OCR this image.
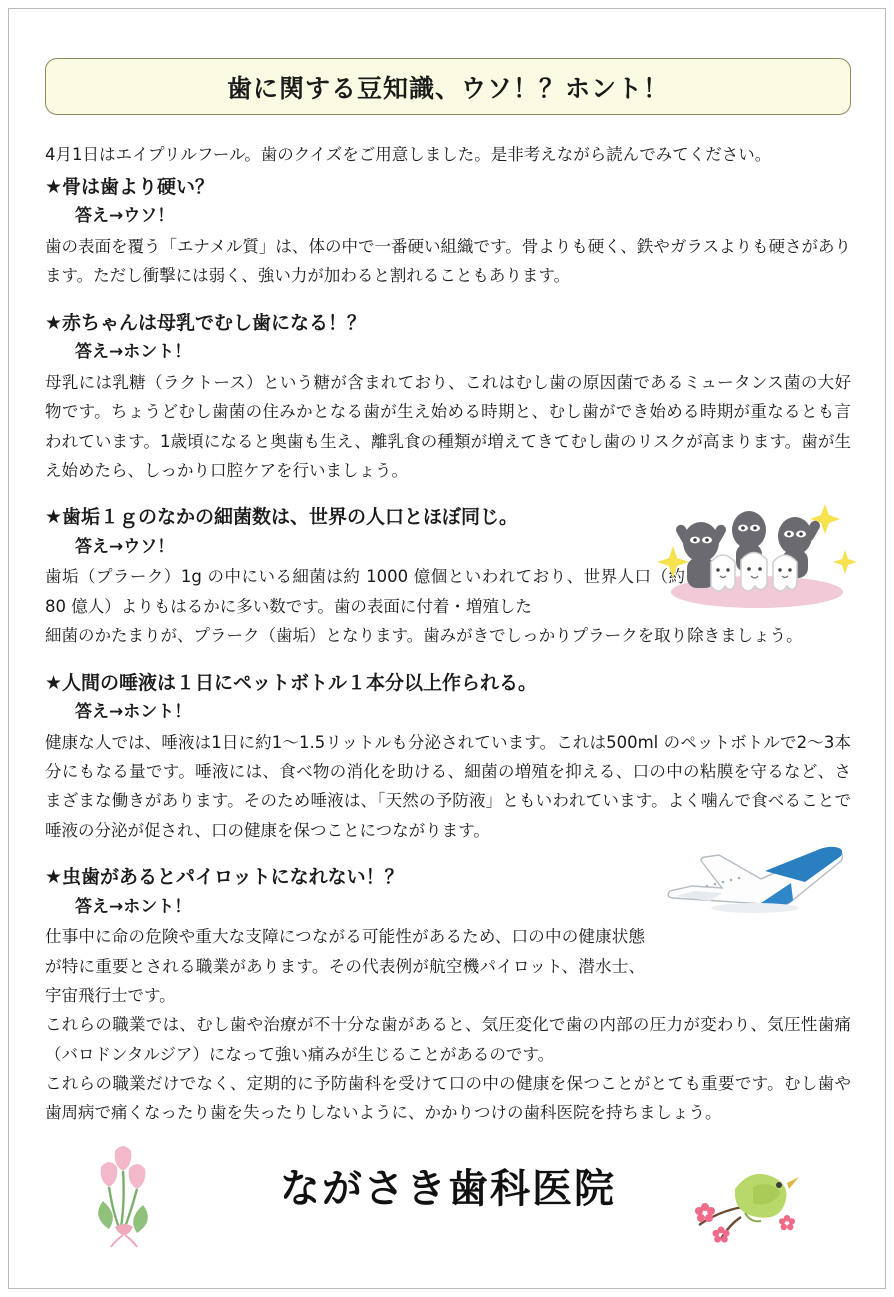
歯に関する豆知識、ウソ！？ホント！
4月1日はエイプリルフール。歯のクイズをご用意しました。是非考えながら読んでみてください。
★骨は歯より硬い？
答え→ウソ！
歯の表面を覆う「エナメル質」は、体の中で一番硬い組織です。骨よりも硬く、鉄やガラスよりも硬さがあります。ただし衝撃には弱く、強い力が加わると割れることもあります。
★赤ちゃんは母乳でむし歯になる！？
答え→ホント！
母乳には乳糖（ラクトース）という糖が含まれており、これはむし歯の原因菌であるミュータンス菌の大好物です。ちょうどむし歯菌の住みかとなる歯が生え始める時期と、むし歯ができ始める時期が重なるとも言われています。1歳頃になると奥歯も生え、離乳食の種類が増えてきてむし歯のリスクが高まります。歯が生え始めたら、しっかり口腔ケアを行いましょう。
★歯垢１ｇのなかの細菌数は、世界の人口とほぼ同じ。
答え→ウソ！
歯垢（プラーク）1g の中にいる細菌は約 1000 億個といわれており、世界人口（約 80 億人）よりもはるかに多い数です。歯の表面に付着・増殖した
細菌のかたまりが、プラーク（歯垢）となります。歯みがきでしっかりプラークを取り除きましょう。
★人間の唾液は１日にペットボトル１本分以上作られる。
答え→ホント！
健康な人では、唾液は1日に約1〜1.5リットルも分泌されています。これは500ml のペットボトルで2〜3本分にもなる量です。唾液には、食べ物の消化を助ける、細菌の増殖を抑える、口の中の粘膜を守るなど、さまざまな働きがあります。そのため唾液は、「天然の予防液」ともいわれています。よく噛んで食べることで唾液の分泌が促され、口の健康を保つことにつながります。
★虫歯があるとパイロットになれない！？
答え→ホント！
仕事中に命の危険や重大な支障につながる可能性があるため、口の中の健康状態が特に重要とされる職業があります。その代表例が航空機パイロット、潜水士、宇宙飛行士です。
これらの職業では、むし歯や治療が不十分な歯があると、気圧変化で歯の内部の圧力が変わり、気圧性歯痛（バロドンタルジア）になって強い痛みが生じることがあるのです。
これらの職業だけでなく、定期的に予防歯科を受けて口の中の健康を保つことがとても重要です。むし歯や歯周病で痛くなったり歯を失ったりしないように、かかりつけの歯科医院を持ちましょう。
ながさき歯科医院
